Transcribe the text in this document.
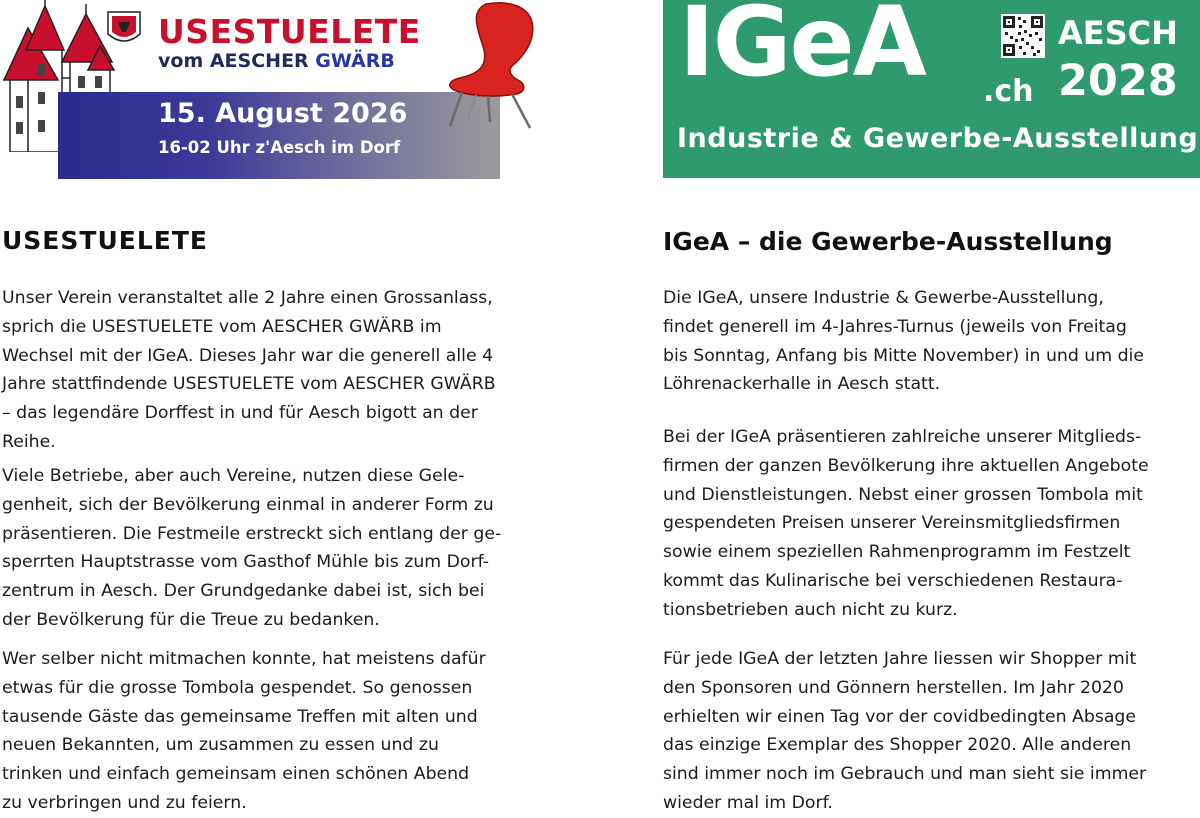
USESTUELETE
vom AESCHER GWÄRB
15. August 2026
16-02 Uhr z'Aesch im Dorf
IGeA .ch
AESCH
2028
Industrie & Gewerbe-Ausstellung
USESTUELETE

Unser Verein veranstaltet alle 2 Jahre einen Grossanlass,
sprich die USESTUELETE vom AESCHER GWÄRB im
Wechsel mit der IGeA. Dieses Jahr war die generell alle 4
Jahre stattfindende USESTUELETE vom AESCHER GWÄRB
– das legendäre Dorffest in und für Aesch bigott an der
Reihe.

Viele Betriebe, aber auch Vereine, nutzen diese Gele-
genheit, sich der Bevölkerung einmal in anderer Form zu
präsentieren. Die Festmeile erstreckt sich entlang der ge-
sperrten Hauptstrasse vom Gasthof Mühle bis zum Dorf-
zentrum in Aesch. Der Grundgedanke dabei ist, sich bei
der Bevölkerung für die Treue zu bedanken.

Wer selber nicht mitmachen konnte, hat meistens dafür
etwas für die grosse Tombola gespendet. So genossen
tausende Gäste das gemeinsame Treffen mit alten und
neuen Bekannten, um zusammen zu essen und zu
trinken und einfach gemeinsam einen schönen Abend
zu verbringen und zu feiern.

IGeA – die Gewerbe-Ausstellung

Die IGeA, unsere Industrie & Gewerbe-Ausstellung,
findet generell im 4-Jahres-Turnus (jeweils von Freitag
bis Sonntag, Anfang bis Mitte November) in und um die
Löhrenackerhalle in Aesch statt.

Bei der IGeA präsentieren zahlreiche unserer Mitglieds-
firmen der ganzen Bevölkerung ihre aktuellen Angebote
und Dienstleistungen. Nebst einer grossen Tombola mit
gespendeten Preisen unserer Vereinsmitgliedsfirmen
sowie einem speziellen Rahmenprogramm im Festzelt
kommt das Kulinarische bei verschiedenen Restaura-
tionsbetrieben auch nicht zu kurz.

Für jede IGeA der letzten Jahre liessen wir Shopper mit
den Sponsoren und Gönnern herstellen. Im Jahr 2020
erhielten wir einen Tag vor der covidbedingten Absage
das einzige Exemplar des Shopper 2020. Alle anderen
sind immer noch im Gebrauch und man sieht sie immer
wieder mal im Dorf.
